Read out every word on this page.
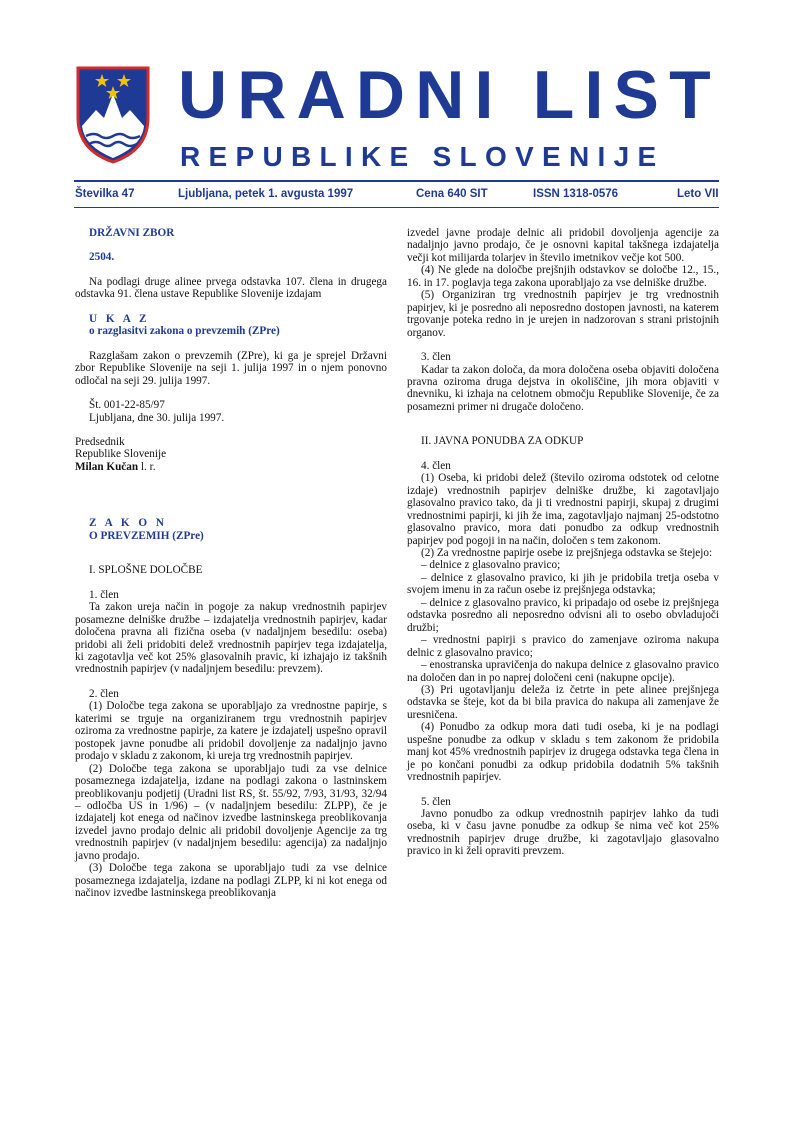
URADNI LIST
REPUBLIKE SLOVENIJE
Številka 47	Ljubljana, petek 1. avgusta 1997	Cena 640 SIT	ISSN 1318-0576	Leto VII

DRŽAVNI ZBOR

2504.

Na podlagi druge alinee prvega odstavka 107. člena in drugega odstavka 91. člena ustave Republike Slovenije izdajam

U K A Z

o razglasitvi zakona o prevzemih (ZPre)

Razglašam zakon o prevzemih (ZPre), ki ga je sprejel Državni zbor Republike Slovenije na seji 1. julija 1997 in o njem ponovno odločal na seji 29. julija 1997.

Št. 001-22-85/97

Ljubljana, dne 30. julija 1997.

Predsednik

Republike Slovenije

Milan Kučan l. r.

Z A K O N

O PREVZEMIH (ZPre)

I. SPLOŠNE DOLOČBE

1. člen

Ta zakon ureja način in pogoje za nakup vrednostnih papirjev posamezne delniške družbe – izdajatelja vrednostnih papirjev, kadar določena pravna ali fizična oseba (v nadaljnjem besedilu: oseba) pridobi ali želi pridobiti delež vrednostnih papirjev tega izdajatelja, ki zagotavlja več kot 25% glasovalnih pravic, ki izhajajo iz takšnih vrednostnih papirjev (v nadaljnjem besedilu: prevzem).

2. člen

(1) Določbe tega zakona se uporabljajo za vrednostne papirje, s katerimi se trguje na organiziranem trgu vrednostnih papirjev oziroma za vrednostne papirje, za katere je izdajatelj uspešno opravil postopek javne ponudbe ali pridobil dovoljenje za nadaljnjo javno prodajo v skladu z zakonom, ki ureja trg vrednostnih papirjev.

(2) Določbe tega zakona se uporabljajo tudi za vse delnice posameznega izdajatelja, izdane na podlagi zakona o lastninskem preoblikovanju podjetij (Uradni list RS, št. 55/92, 7/93, 31/93, 32/94 – odločba US in 1/96) – (v nadaljnjem besedilu: ZLPP), če je izdajatelj kot enega od načinov izvedbe lastninskega preoblikovanja izvedel javno prodajo delnic ali pridobil dovoljenje Agencije za trg vrednostnih papirjev (v nadaljnjem besedilu: agencija) za nadaljnjo javno prodajo.

(3) Določbe tega zakona se uporabljajo tudi za vse delnice posameznega izdajatelja, izdane na podlagi ZLPP, ki ni kot enega od načinov izvedbe lastninskega preoblikovanja

izvedel javne prodaje delnic ali pridobil dovoljenja agencije za nadaljnjo javno prodajo, če je osnovni kapital takšnega izdajatelja večji kot milijarda tolarjev in število imetnikov večje kot 500.

(4) Ne glede na določbe prejšnjih odstavkov se določbe 12., 15., 16. in 17. poglavja tega zakona uporabljajo za vse delniške družbe.

(5) Organiziran trg vrednostnih papirjev je trg vrednostnih papirjev, ki je posredno ali neposredno dostopen javnosti, na katerem trgovanje poteka redno in je urejen in nadzorovan s strani pristojnih organov.

3. člen

Kadar ta zakon določa, da mora določena oseba objaviti določena pravna oziroma druga dejstva in okoliščine, jih mora objaviti v dnevniku, ki izhaja na celotnem območju Republike Slovenije, če za posamezni primer ni drugače določeno.

II. JAVNA PONUDBA ZA ODKUP

4. člen

(1) Oseba, ki pridobi delež (število oziroma odstotek od celotne izdaje) vrednostnih papirjev delniške družbe, ki zagotavljajo glasovalno pravico tako, da ji ti vrednostni papirji, skupaj z drugimi vrednostnimi papirji, ki jih že ima, zagotavljajo najmanj 25-odstotno glasovalno pravico, mora dati ponudbo za odkup vrednostnih papirjev pod pogoji in na način, določen s tem zakonom.

(2) Za vrednostne papirje osebe iz prejšnjega odstavka se štejejo:

– delnice z glasovalno pravico;

– delnice z glasovalno pravico, ki jih je pridobila tretja oseba v svojem imenu in za račun osebe iz prejšnjega odstavka;

– delnice z glasovalno pravico, ki pripadajo od osebe iz prejšnjega odstavka posredno ali neposredno odvisni ali to osebo obvladujoči družbi;

– vrednostni papirji s pravico do zamenjave oziroma nakupa delnic z glasovalno pravico;

– enostranska upravičenja do nakupa delnice z glasovalno pravico na določen dan in po naprej določeni ceni (nakupne opcije).

(3) Pri ugotavljanju deleža iz četrte in pete alinee prejšnjega odstavka se šteje, kot da bi bila pravica do nakupa ali zamenjave že uresničena.

(4) Ponudbo za odkup mora dati tudi oseba, ki je na podlagi uspešne ponudbe za odkup v skladu s tem zakonom že pridobila manj kot 45% vrednostnih papirjev iz drugega odstavka tega člena in je po končani ponudbi za odkup pridobila dodatnih 5% takšnih vrednostnih papirjev.

5. člen

Javno ponudbo za odkup vrednostnih papirjev lahko da tudi oseba, ki v času javne ponudbe za odkup še nima več kot 25% vrednostnih papirjev druge družbe, ki zagotavljajo glasovalno pravico in ki želi opraviti prevzem.
